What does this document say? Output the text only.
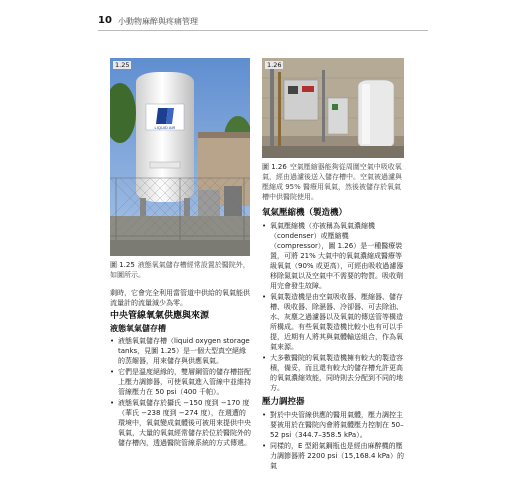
10 小動物麻醉與疼痛管理
1.25
LIQUID AIR
圖 1.25 液態氧氣儲存槽經常設置於醫院外，如圖所示。
1.26
圖 1.26 空氣壓縮器能夠從周圍空氣中吸收氧氣，經由過濾後送入儲存槽中。空氣被過濾與壓縮成 95% 醫療用氧氣，然後被儲存於氧氣槽中供醫院使用。

剩時，它會完全利用當管道中供給的氧氣能供流量計的流量減少為零。

中央管線氧氣供應與來源
液態氧氣儲存槽
• 液態氧氣儲存槽（liquid oxygen storage tanks，見圖 1.25）是一個大型真空絕緣的蒸餾器，用來儲存與供應氧氣。
• 它們是溫度絕緣的，雙層鋼管的儲存槽搭配上壓力調節器，可使氧氣進入管線中並維持管線壓力在 50 psi（400 千帕）。
• 液態氧氣儲存於攝氏 −150 度到 −170 度（華氏 −238 度到 −274 度），在週遭的環境中，氧氣變成氣體後可被用來提供中央氧氣，大量的氧氣經常儲存於位於醫院外的儲存槽內，透過醫院管線系統的方式傳遞。
氧氣壓縮機（製造機）
• 氧氣壓縮機（亦被稱為氧氣濃縮機（condenser）或壓縮機（compressor），圖 1.26）是一種醫療裝置，可將 21% 大氣中的氧氣濃縮成醫療等級氧氣（90% 或更高），可經由吸收過濾器移除氮氣以及空氣中不需要的物質。吸收劑用完會發生故障。
• 氧氣製造機是由空氣吸收器、壓縮器、儲存槽、吸收器、除濕器、冷卻器、可去除油、水、灰塵之過濾器以及氧氣的傳送管等構造所構成。有些氧氣製造機比較小也有可以手提，近期有人將其與氣體輸送組合，作為氧氣來源。
• 大多數醫院的氧氣製造機擁有較大的製造容積，備妥，而且還有較大的儲存槽允許更高的氧氣濃縮效能，同時則去分配到不同的地方。
壓力調控器
• 對於中央管線供應的醫用氣體，壓力調控主要被用於在醫院內會將氣體壓力控制在 50–52 psi（344.7–358.5 kPa）。
• 同樣的，E 型鋁氣鋼瓶也是經由麻醉機的壓力調節器將 2200 psi（15,168.4 kPa）的氣
